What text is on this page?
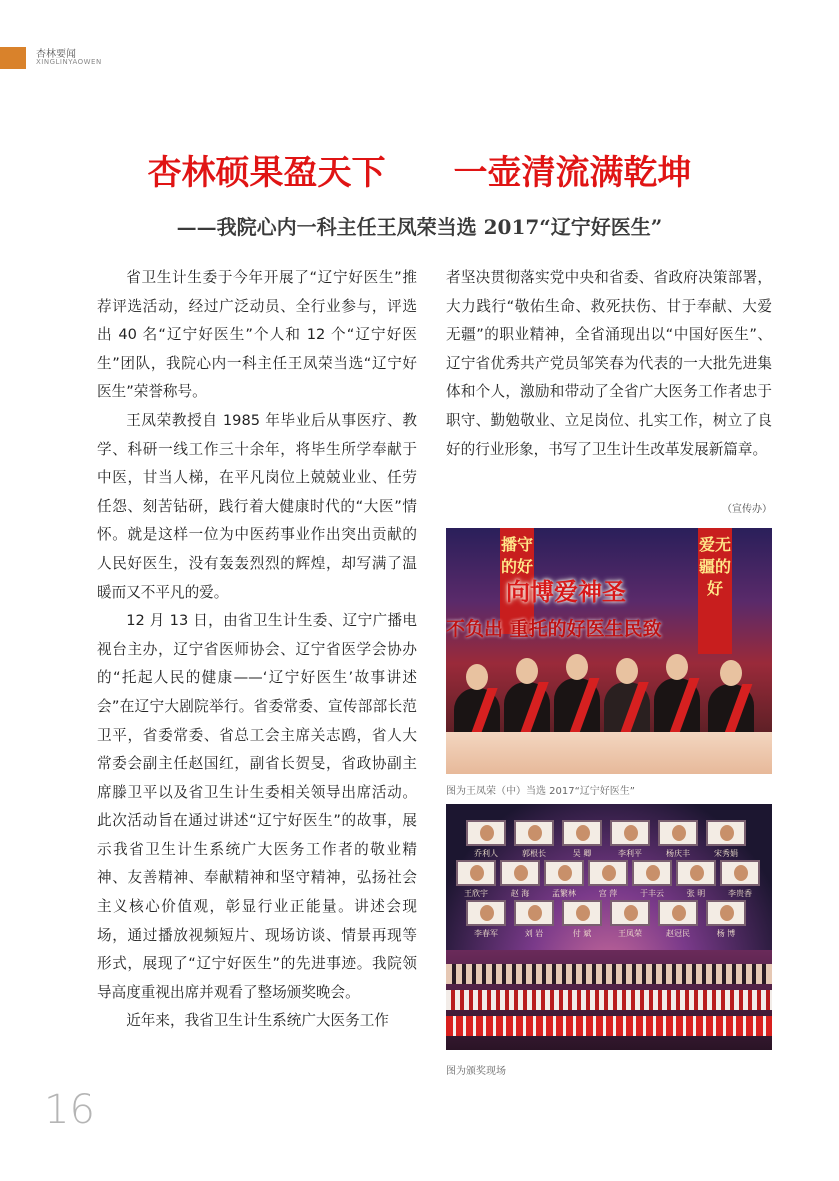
杏林要闻
XINGLINYAOWEN
杏林硕果盈天下　　一壶清流满乾坤
——我院心内一科主任王凤荣当选 2017“辽宁好医生”

省卫生计生委于今年开展了“辽宁好医生”推荐评选活动，经过广泛动员、全行业参与，评选出 40 名“辽宁好医生”个人和 12 个“辽宁好医生”团队，我院心内一科主任王凤荣当选“辽宁好医生”荣誉称号。

王凤荣教授自 1985 年毕业后从事医疗、教学、科研一线工作三十余年，将毕生所学奉献于中医，甘当人梯，在平凡岗位上兢兢业业、任劳任怨、刻苦钻研，践行着大健康时代的“大医”情怀。就是这样一位为中医药事业作出突出贡献的人民好医生，没有轰轰烈烈的辉煌，却写满了温暖而又不平凡的爱。

12 月 13 日，由省卫生计生委、辽宁广播电视台主办，辽宁省医师协会、辽宁省医学会协办的“托起人民的健康——‘辽宁好医生’故事讲述会”在辽宁大剧院举行。省委常委、宣传部部长范卫平，省委常委、省总工会主席关志鸥，省人大常委会副主任赵国红，副省长贺旻，省政协副主席滕卫平以及省卫生计生委相关领导出席活动。此次活动旨在通过讲述“辽宁好医生”的故事，展示我省卫生计生系统广大医务工作者的敬业精神、友善精神、奉献精神和坚守精神，弘扬社会主义核心价值观，彰显行业正能量。讲述会现场，通过播放视频短片、现场访谈、情景再现等形式，展现了“辽宁好医生”的先进事迹。我院领导高度重视出席并观看了整场颁奖晚会。

近年来，我省卫生计生系统广大医务工作

者坚决贯彻落实党中央和省委、省政府决策部署，大力践行“敬佑生命、救死扶伤、甘于奉献、大爱无疆”的职业精神，全省涌现出以“中国好医生”、辽宁省优秀共产党员邹笑春为代表的一大批先进集体和个人，激励和带动了全省广大医务工作者忠于职守、勤勉敬业、立足岗位、扎实工作，树立了良好的行业形象，书写了卫生计生改革发展新篇章。

（宣传办）
播守的好
爱无疆的好
向博爱神圣
不负出 重托的好医生民致
图为王凤荣（中）当选 2017“辽宁好医生”
乔利人	郭根长	吴 卿	李利平	杨庆丰	宋秀娟
王欣宇	赵 海	孟繁林	宫 萍	于丰云	张 明	李贵香
李春军	刘 岩	付 斌	王凤荣	赵冠民	杨 博
图为颁奖现场
16
